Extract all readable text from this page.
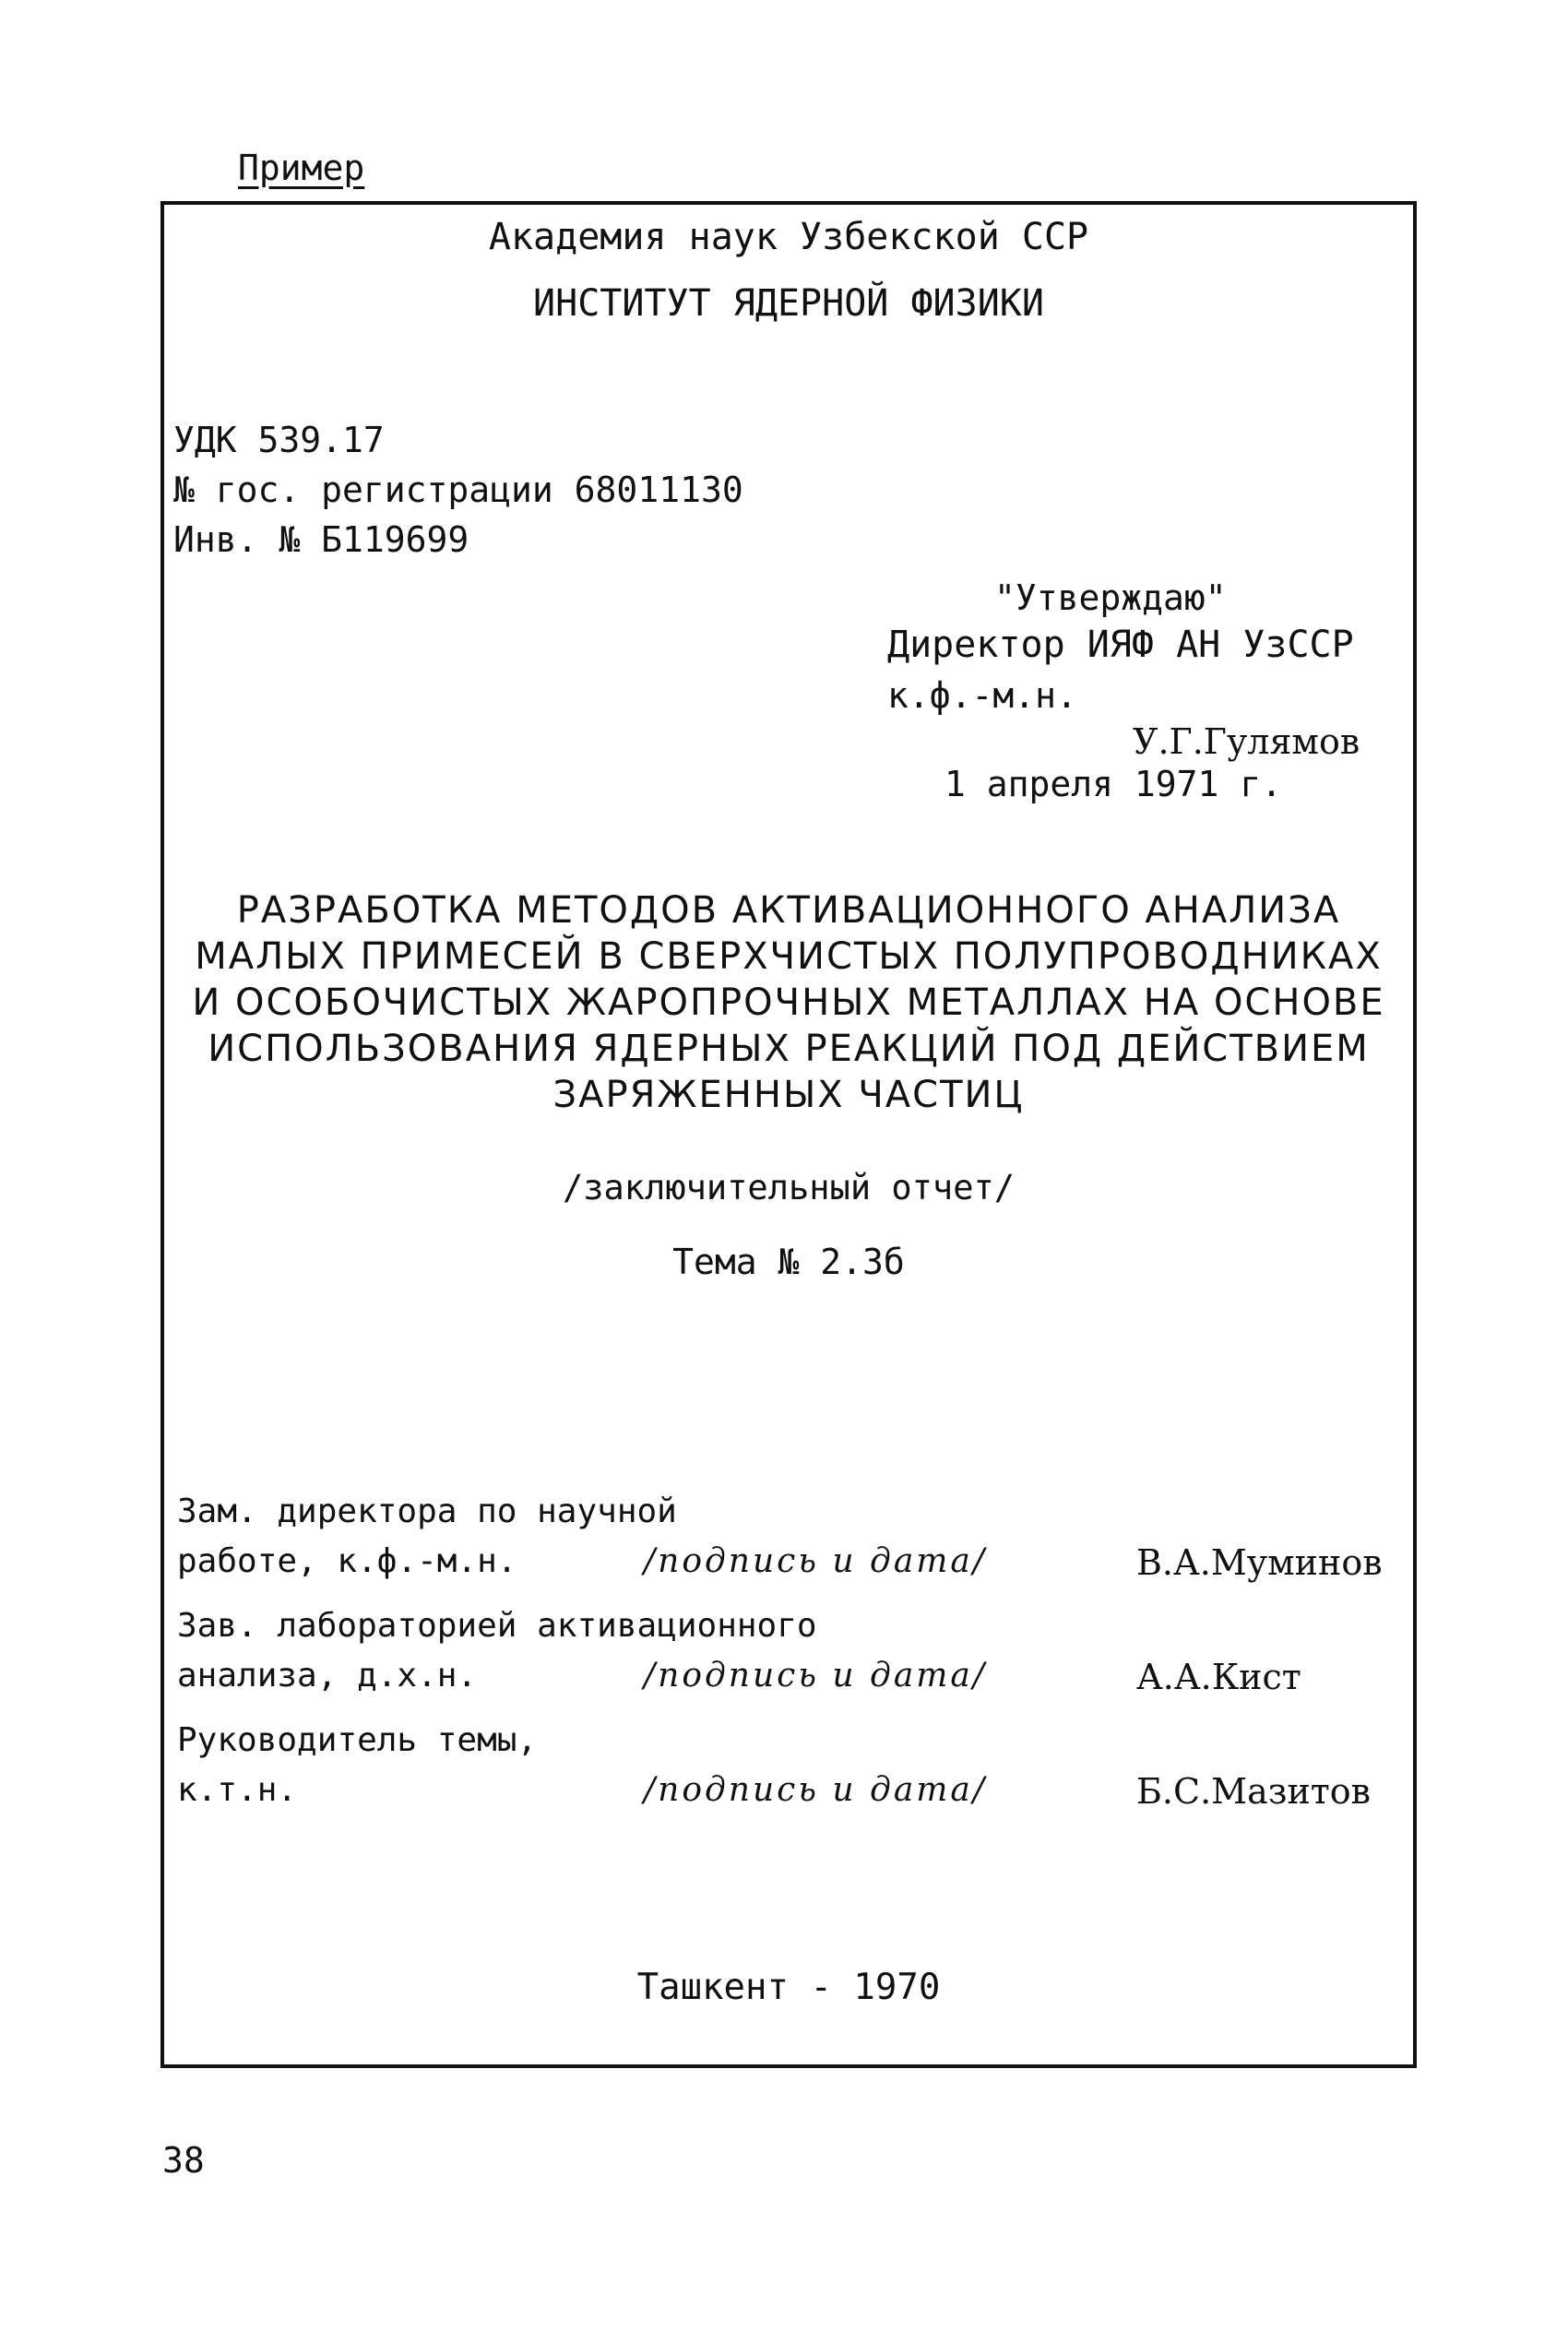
Пример
Академия наук Узбекской ССР
ИНСТИТУТ ЯДЕРНОЙ ФИЗИКИ
УДК 539.17
№ гос. регистрации 68011130
Инв. № Б119699
"Утверждаю"
Директор ИЯФ АН УзССР
к.ф.-м.н.
У.Г.Гулямов
1 апреля 1971 г.
РАЗРАБОТКА МЕТОДОВ АКТИВАЦИОННОГО АНАЛИЗА
МАЛЫХ ПРИМЕСЕЙ В СВЕРХЧИСТЫХ ПОЛУПРОВОДНИКАХ
И ОСОБОЧИСТЫХ ЖАРОПРОЧНЫХ МЕТАЛЛАХ НА ОСНОВЕ
ИСПОЛЬЗОВАНИЯ ЯДЕРНЫХ РЕАКЦИЙ ПОД ДЕЙСТВИЕМ
ЗАРЯЖЕННЫХ ЧАСТИЦ
/заключительный отчет/
Тема № 2.3б
Зам. директора по научной
работе, к.ф.-м.н.	/подпись и дата/	В.А.Муминов
Зав. лабораторией активационного
анализа, д.х.н.	/подпись и дата/	А.А.Кист
Руководитель темы,
к.т.н.	/подпись и дата/	Б.С.Мазитов
Ташкент - 1970
38
